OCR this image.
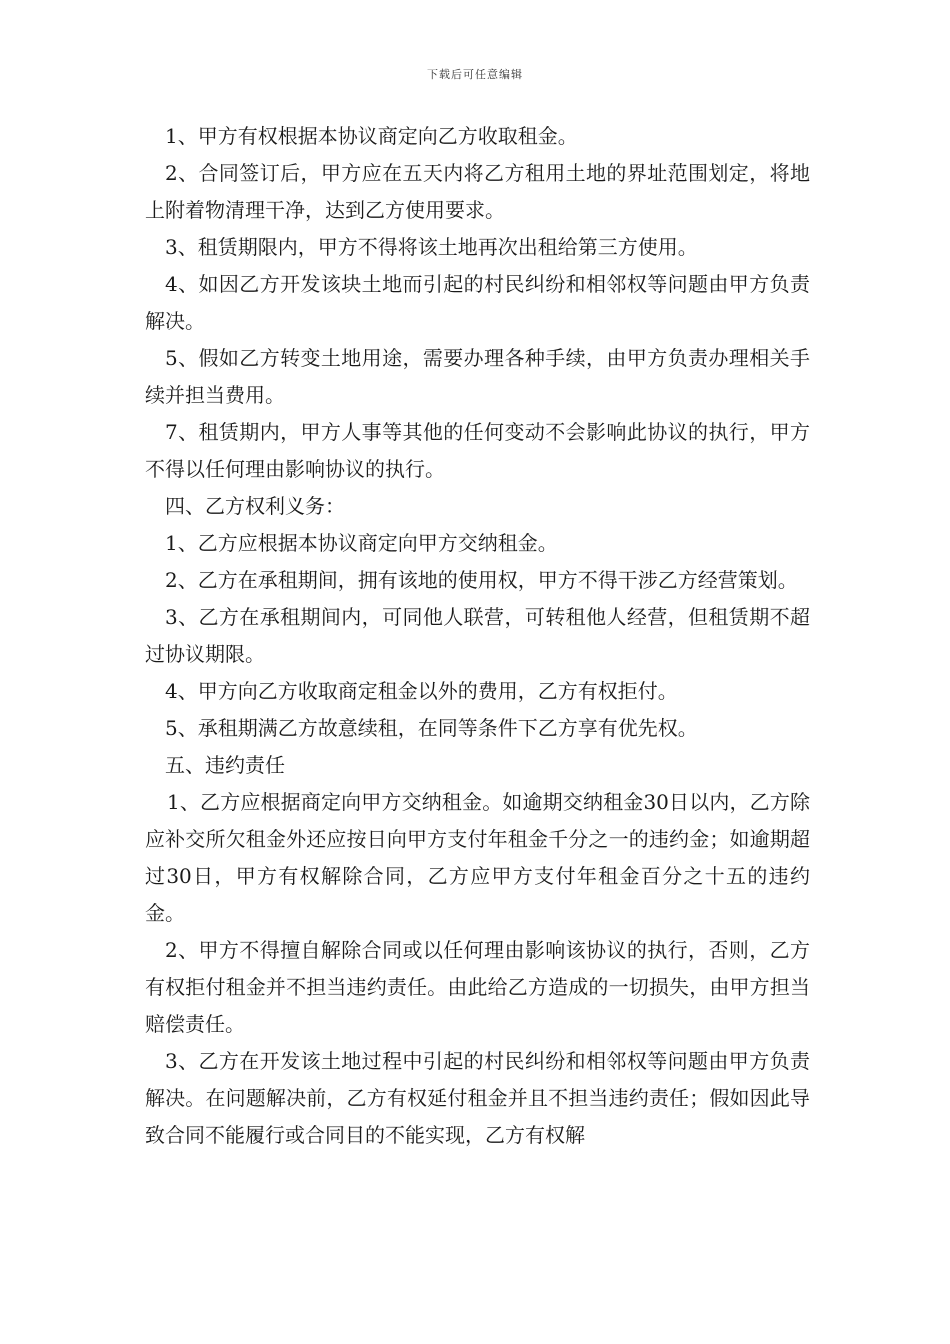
下载后可任意编辑

1、甲方有权根据本协议商定向乙方收取租金。

2、合同签订后，甲方应在五天内将乙方租用土地的界址范围划定，将地上附着物清理干净，达到乙方使用要求。

3、租赁期限内，甲方不得将该土地再次出租给第三方使用。

4、如因乙方开发该块土地而引起的村民纠纷和相邻权等问题由甲方负责解决。

5、假如乙方转变土地用途，需要办理各种手续，由甲方负责办理相关手续并担当费用。

7、租赁期内，甲方人事等其他的任何变动不会影响此协议的执行，甲方不得以任何理由影响协议的执行。

四、乙方权利义务：

1、乙方应根据本协议商定向甲方交纳租金。

2、乙方在承租期间，拥有该地的使用权，甲方不得干涉乙方经营策划。

3、乙方在承租期间内，可同他人联营，可转租他人经营，但租赁期不超过协议期限。

4、甲方向乙方收取商定租金以外的费用，乙方有权拒付。

5、承租期满乙方故意续租，在同等条件下乙方享有优先权。

五、违约责任

1、乙方应根据商定向甲方交纳租金。如逾期交纳租金30日以内，乙方除应补交所欠租金外还应按日向甲方支付年租金千分之一的违约金；如逾期超过30日，甲方有权解除合同，乙方应甲方支付年租金百分之十五的违约金。

2、甲方不得擅自解除合同或以任何理由影响该协议的执行，否则，乙方有权拒付租金并不担当违约责任。由此给乙方造成的一切损失，由甲方担当赔偿责任。

3、乙方在开发该土地过程中引起的村民纠纷和相邻权等问题由甲方负责解决。在问题解决前，乙方有权延付租金并且不担当违约责任；假如因此导致合同不能履行或合同目的不能实现，乙方有权解
